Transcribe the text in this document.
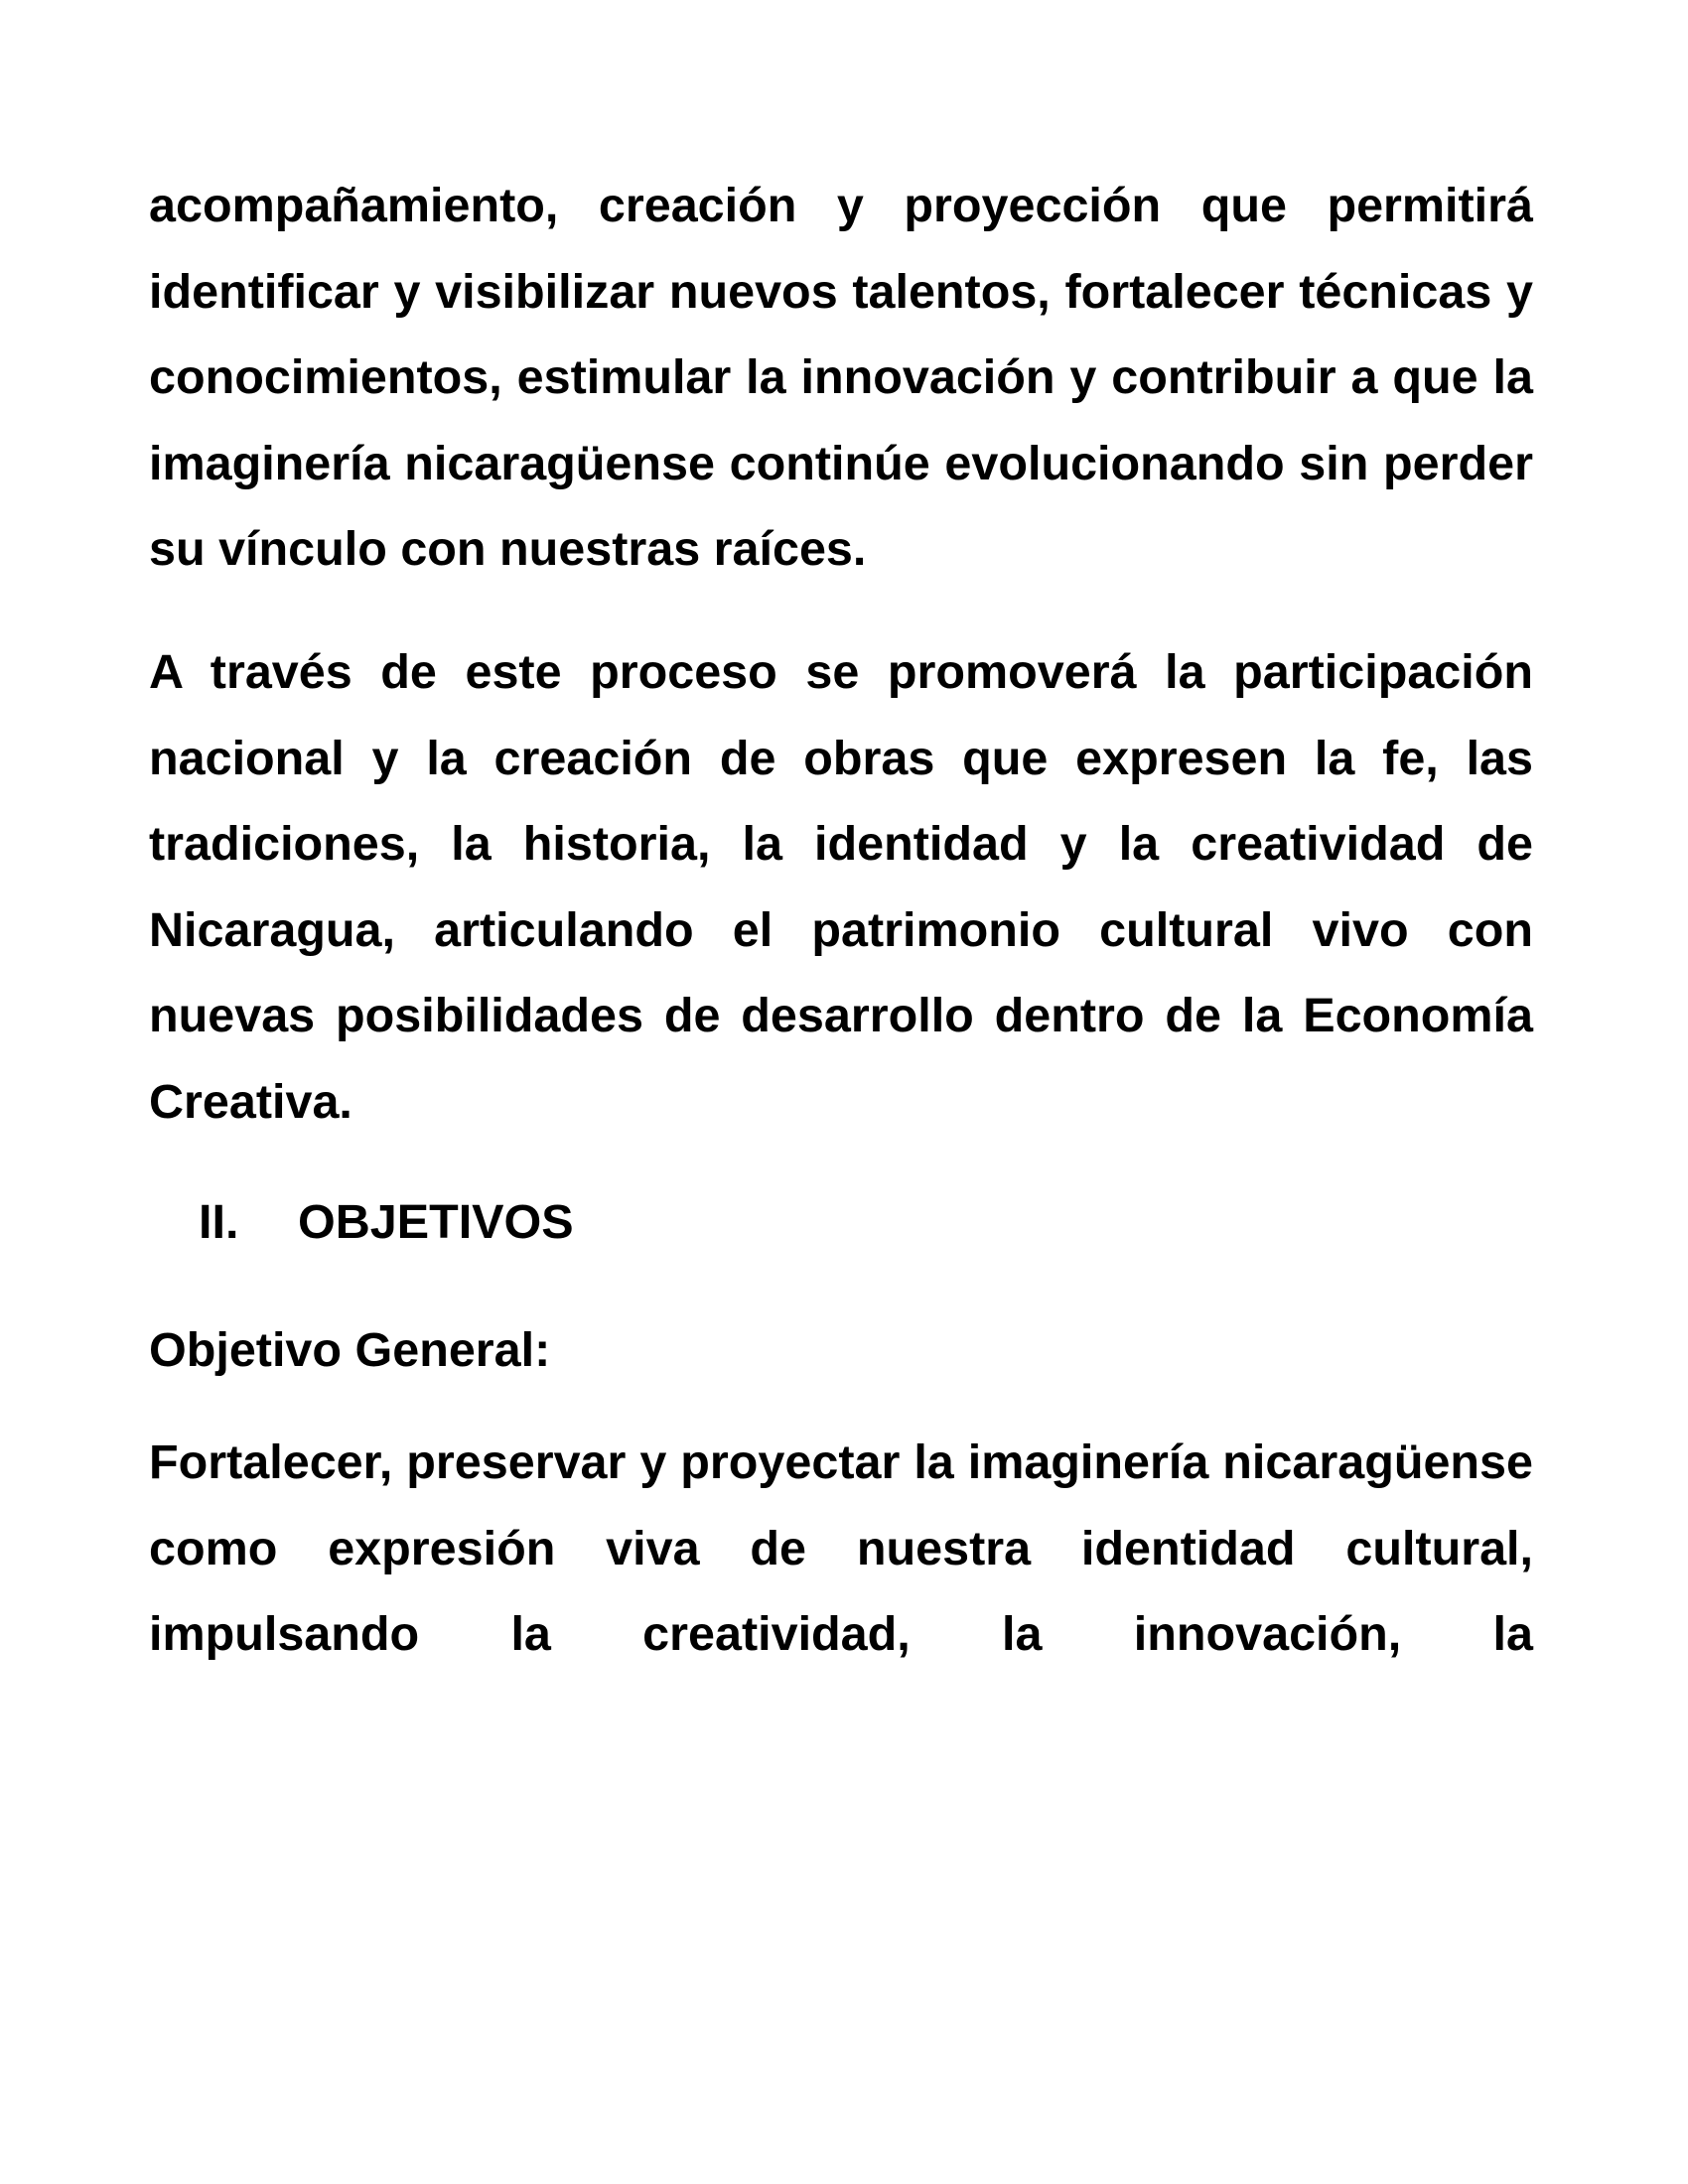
acompañamiento, creación y proyección que permitirá identificar y visibilizar nuevos talentos, fortalecer técnicas y conocimientos, estimular la innovación y contribuir a que la imaginería nicaragüense continúe evolucionando sin perder su vínculo con nuestras raíces.

A través de este proceso se promoverá la participación nacional y la creación de obras que expresen la fe, las tradiciones, la historia, la identidad y la creatividad de Nicaragua, articulando el patrimonio cultural vivo con nuevas posibilidades de desarrollo dentro de la Economía Creativa.

II. OBJETIVOS
Objetivo General:

Fortalecer, preservar y proyectar la imaginería nicaragüense como expresión viva de nuestra identidad cultural, impulsando la creatividad, la innovación, la
